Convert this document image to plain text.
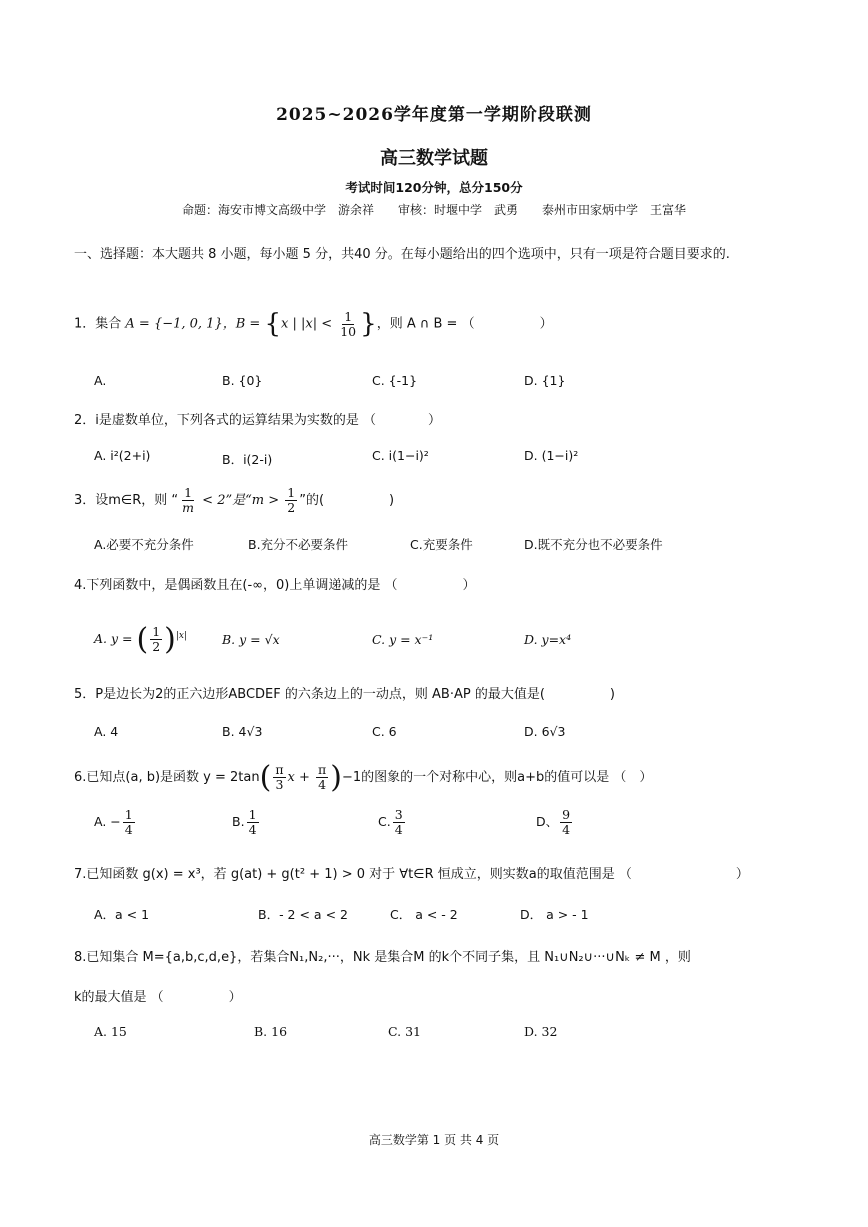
2025~2026学年度第一学期阶段联测
高三数学试题
考试时间120分钟，总分150分
命题：海安市博文高级中学　游余祥　　审核：时堰中学　武勇　　泰州市田家炳中学　王富华
一、选择题：本大题共 8 小题，每小题 5 分，共40 分。在每小题给出的四个选项中，只有一项是符合题目要求的.
1．集合 A = {−1, 0, 1}，B = {x | $|x| < \frac{1}{10}$ }，则 A ∩ B = （　　　　　）
A.	B. {0}	C. {-1}	D. {1}
2．i是虚数单位，下列各式的运算结果为实数的是 （　　　　）
A. i²(2+i)	B．i(2-i)	C. i(1−i)²	D. (1−i)²
3．设m∈R，则 “ $\frac{1}{m} < 2$”是“$m > \frac{1}{2}$ ”的(　　　　　)
A.必要不充分条件	B.充分不必要条件	C.充要条件	D.既不充分也不必要条件
4.下列函数中，是偶函数且在(-∞，0)上单调递减的是 （　　　　　）
A. y = ( $\frac{1}{2} )^{|x|}$	B. y = √x	C. y = x⁻¹	D. y=x⁴
5．P是边长为2的正六边形ABCDEF 的六条边上的一动点，则 AB·AP 的最大值是(　　　　　)
A. 4	B. 4√3	C. 6	D. 6√3
6.已知点(a, b)是函数 $y = 2\tan( \frac{\pi}{3}$ $x + \frac{\pi}{4} )-1$的图象的一个对称中心，则a+b的值可以是 （　）
A. − $\frac{1}{4}$	B. $\frac{1}{4}$	C. $\frac{3}{4}$	D、 $\frac{9}{4}$
7.已知函数 g(x) = x³，若 g(at) + g(t² + 1) > 0 对于 ∀t∈R 恒成立，则实数a的取值范围是 （　　　　　　　　）
A．a < 1	B．- 2 < a < 2	C． a < - 2	D． a > - 1
8.已知集合 M={a,b,c,d,e}，若集合N₁,N₂,···，Nk 是集合M 的k个不同子集，且 N₁∪N₂∪···∪Nₖ ≠ M ，则
k的最大值是 （　　　　　）
A. 15	B. 16	C. 31	D. 32
高三数学第 1 页 共 4 页
